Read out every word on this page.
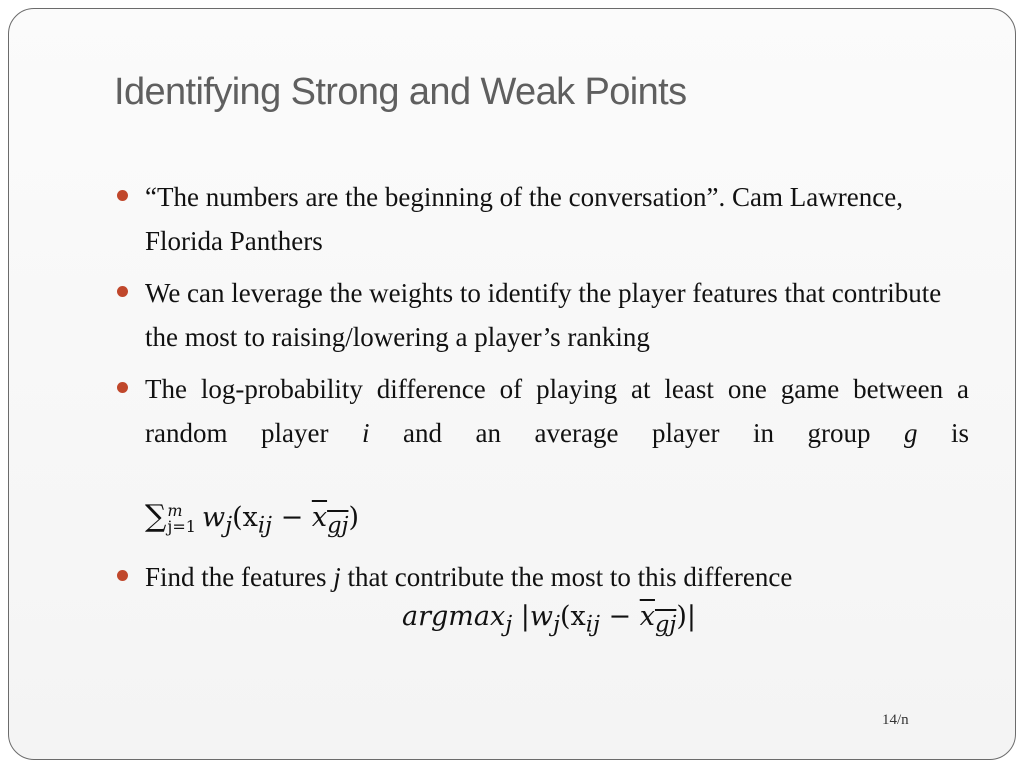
Identifying Strong and Weak Points
“The numbers are the beginning of the conversation”. Cam Lawrence, Florida Panthers
We can leverage the weights to identify the player features that contribute the most to raising/lowering a player’s ranking
The log-probability difference of playing at least one game between a random player i and an average player in group g is
∑m
j=1 $w_j(x_{ij} - x_{gj})$
Find the features j that contribute the most to this difference
argmax$_j$ $|w_j(x_{ij} - x_{gj})|$
14/n
